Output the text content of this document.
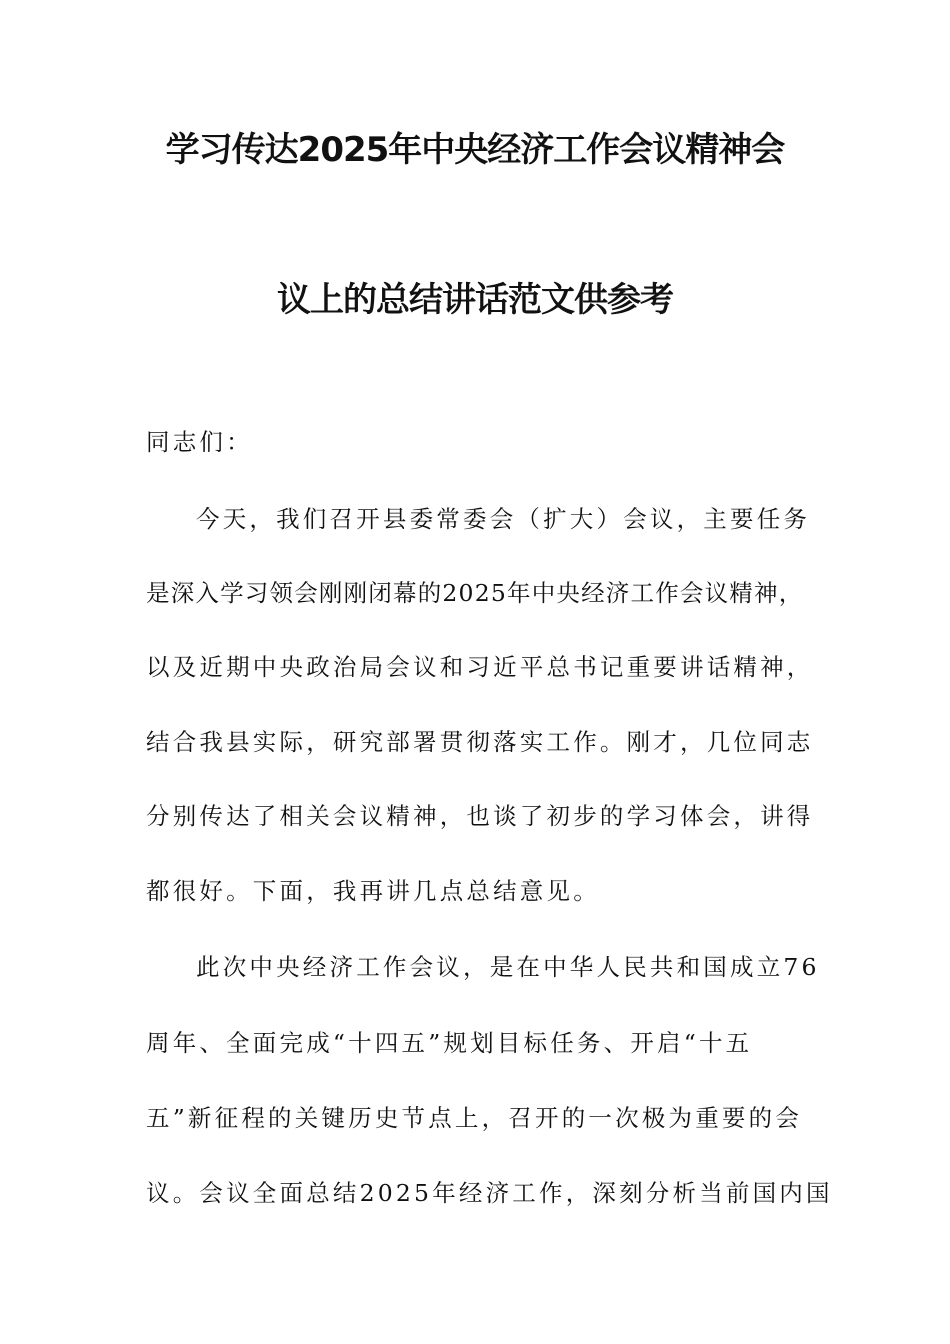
学习传达2025年中央经济工作会议精神会
议上的总结讲话范文供参考
同志们：
今天，我们召开县委常委会（扩大）会议，主要任务
是深入学习领会刚刚闭幕的2025年中央经济工作会议精神，
以及近期中央政治局会议和习近平总书记重要讲话精神，
结合我县实际，研究部署贯彻落实工作。刚才，几位同志
分别传达了相关会议精神，也谈了初步的学习体会，讲得
都很好。下面，我再讲几点总结意见。
此次中央经济工作会议，是在中华人民共和国成立76
周年、全面完成“十四五”规划目标任务、开启“十五
五”新征程的关键历史节点上，召开的一次极为重要的会
议。会议全面总结2025年经济工作，深刻分析当前国内国
